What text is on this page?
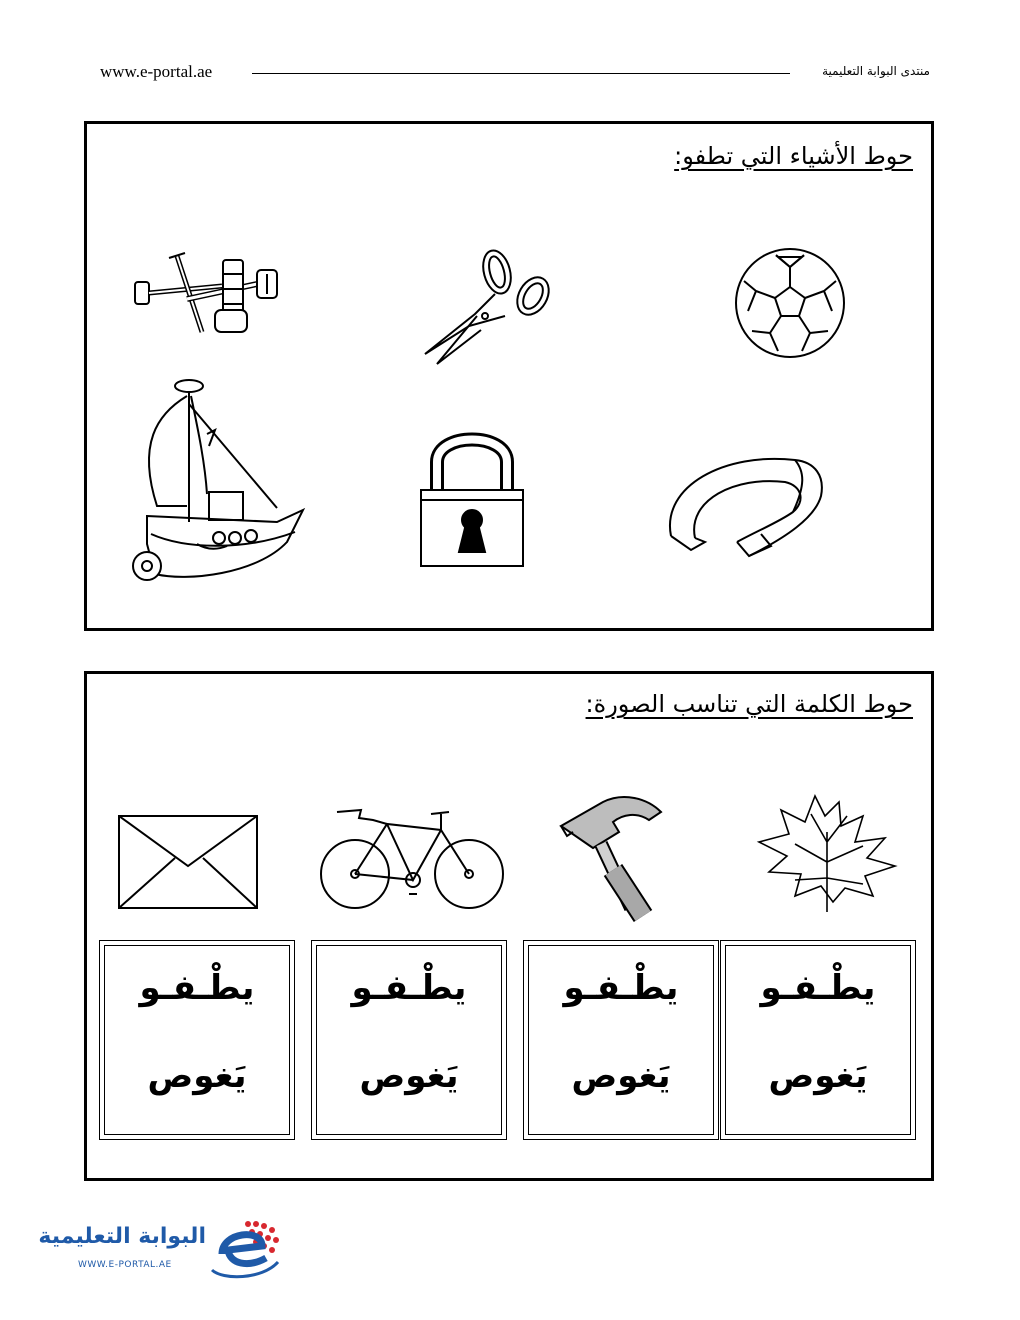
www.e-portal.ae	منتدى البوابة التعليمية
حوط الأشياء التي تطفو:
حوط الكلمة التي تناسب الصورة:
يطْـفـو
يَغوص
يطْـفـو
يَغوص
يطْـفـو
يَغوص
يطْـفـو
يَغوص
البوابة التعليمية
WWW.E-PORTAL.AE
